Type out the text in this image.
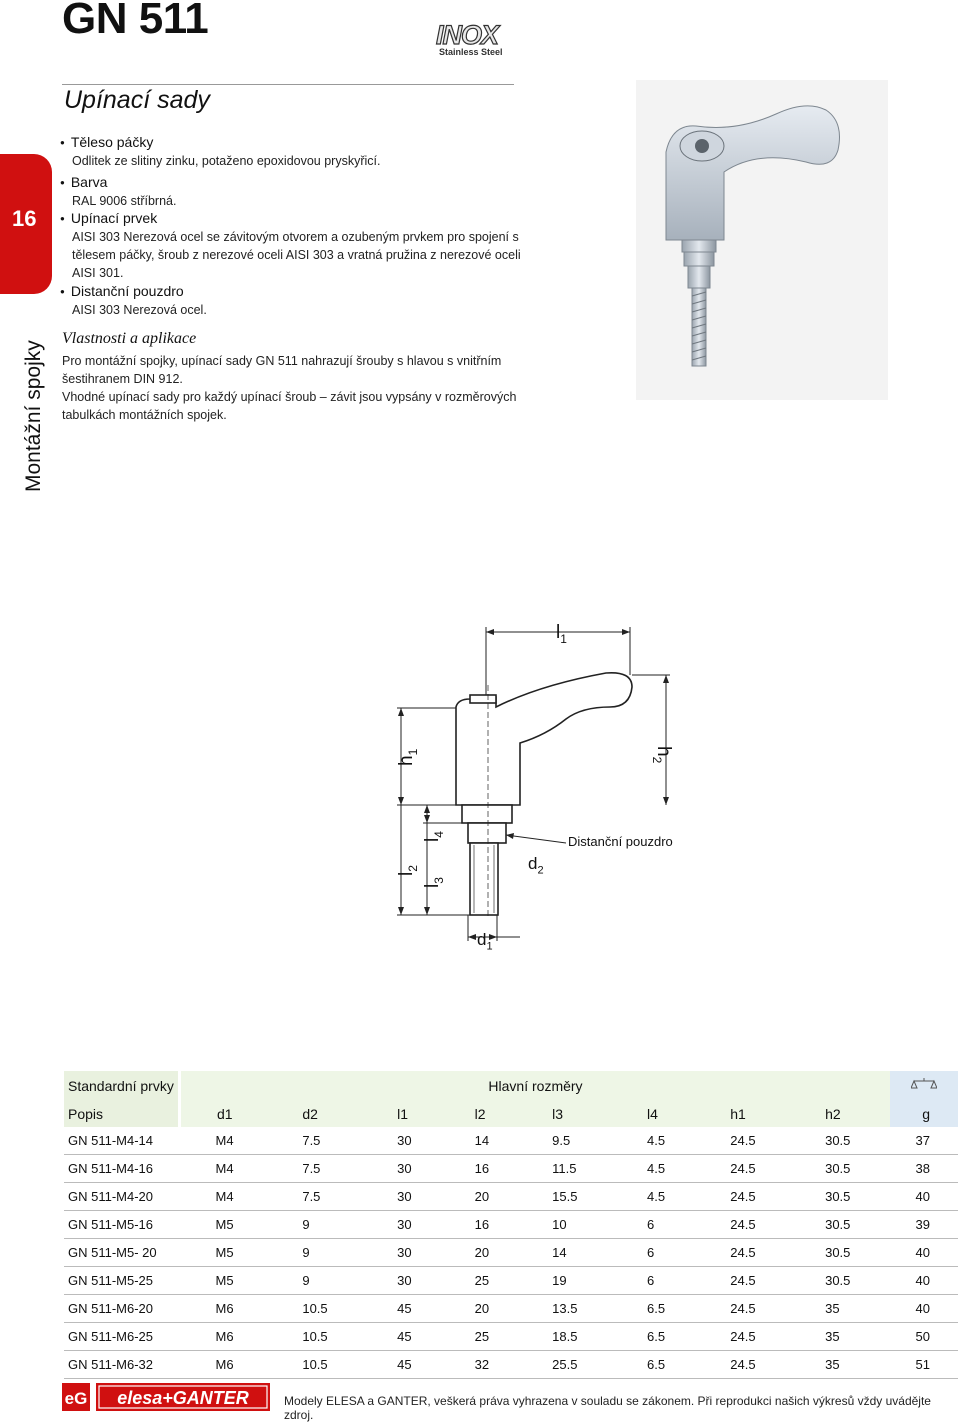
GN 511	INOX
Stainless Steel
Upínací sady
16
Montážní spojky
● Těleso páčky
Odlitek ze slitiny zinku, potaženo epoxidovou pryskyřicí.
● Barva
RAL 9006 stříbrná.
● Upínací prvek
AISI 303 Nerezová ocel se závitovým otvorem a ozubeným prvkem pro spojení s tělesem páčky, šroub z nerezové oceli AISI 303 a vratná pružina z nerezové oceli AISI 301.
● Distanční pouzdro
AISI 303 Nerezová ocel.
Vlastnosti a aplikace
Pro montážní spojky, upínací sady GN 511 nahrazují šrouby s hlavou s vnitřním šestihranem DIN 912.
Vhodné upínací sady pro každý upínací šroub – závit jsou vypsány v rozměrových tabulkách montážních spojek.
$l_1$
$h_2$
$h_1$
$l_4$
$l_2$
$l_3$
$d_2$
$d_1$
Distanční pouzdro
Standardní prvky	Hlavní rozměry	
Popis	d1	d2	l1	l2	l3	l4	h1	h2	g
GN 511-M4-14	M4	7.5	30	14	9.5	4.5	24.5	30.5	37
GN 511-M4-16	M4	7.5	30	16	11.5	4.5	24.5	30.5	38
GN 511-M4-20	M4	7.5	30	20	15.5	4.5	24.5	30.5	40
GN 511-M5-16	M5	9	30	16	10	6	24.5	30.5	39
GN 511-M5- 20	M5	9	30	20	14	6	24.5	30.5	40
GN 511-M5-25	M5	9	30	25	19	6	24.5	30.5	40
GN 511-M6-20	M6	10.5	45	20	13.5	6.5	24.5	35	40
GN 511-M6-25	M6	10.5	45	25	18.5	6.5	24.5	35	50
GN 511-M6-32	M6	10.5	45	32	25.5	6.5	24.5	35	51
eG elesa+GANTER	Modely ELESA a GANTER, veškerá práva vyhrazena v souladu se zákonem. Při reprodukci našich výkresů vždy uvádějte zdroj.
